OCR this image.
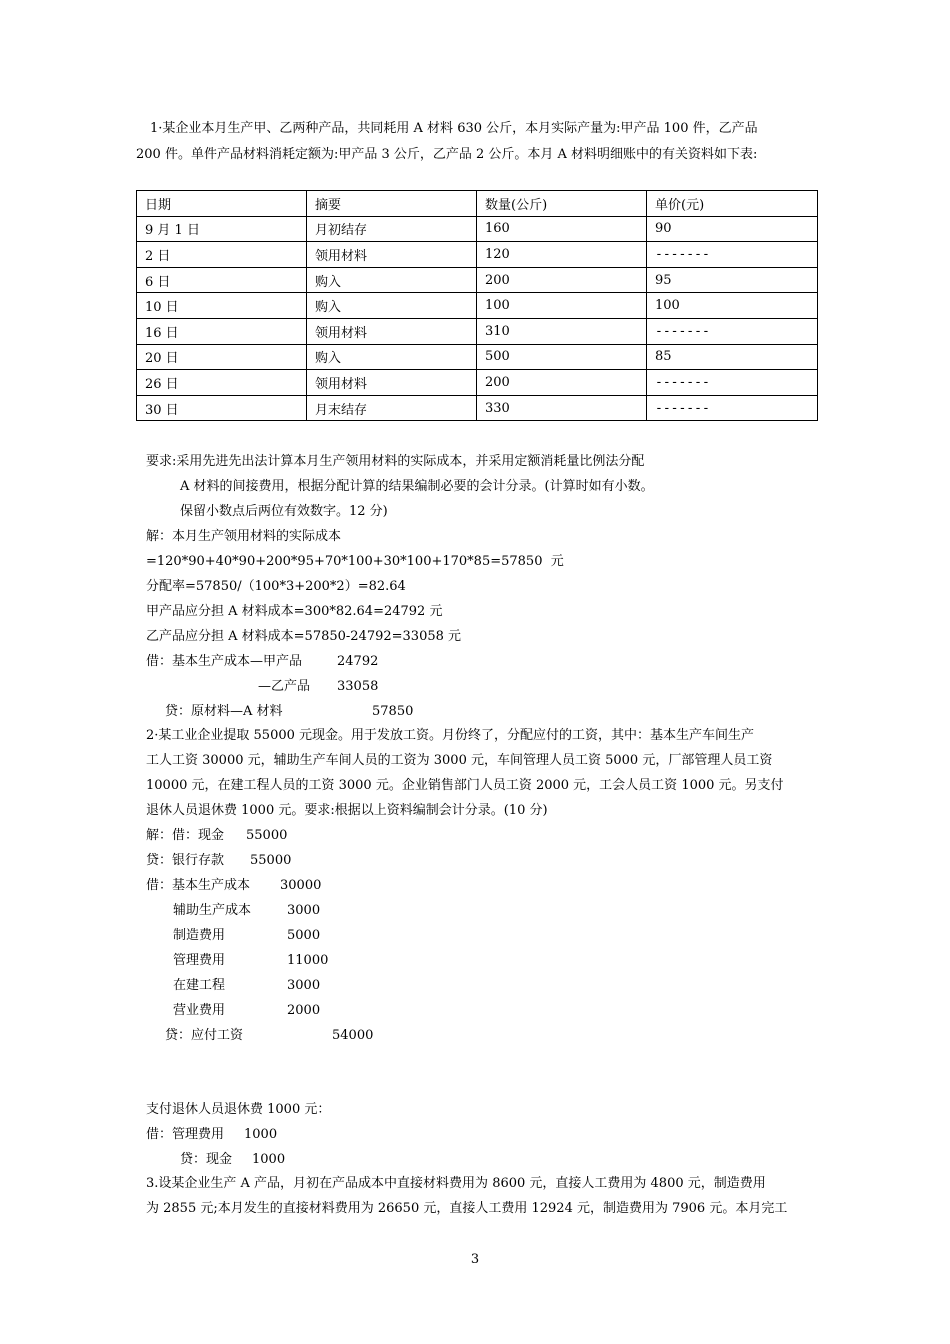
1·某企业本月生产甲、乙两种产品，共同耗用 A 材料 630 公斤，本月实际产量为:甲产品 100 件，乙产品
200 件。单件产品材料消耗定额为:甲产品 3 公斤，乙产品 2 公斤。本月 A 材料明细账中的有关资料如下表:
日期	摘要	数量(公斤)	单价(元)
9 月 1 日	月初结存	160	90
2 日	领用材料	120	-------
6 日	购入	200	95
10 日	购入	100	100
16 日	领用材料	310	-------
20 日	购入	500	85
26 日	领用材料	200	-------
30 日	月末结存	330	-------
要求:采用先进先出法计算本月生产领用材料的实际成本，并采用定额消耗量比例法分配
A 材料的间接费用，根据分配计算的结果编制必要的会计分录。(计算时如有小数。
保留小数点后两位有效数字。12 分)
解：本月生产领用材料的实际成本
=120*90+40*90+200*95+70*100+30*100+170*85=57850  元
分配率=57850/（100*3+200*2）=82.64
甲产品应分担 A 材料成本=300*82.64=24792 元
乙产品应分担 A 材料成本=57850-24792=33058 元
借：基本生产成本—甲产品	24792
—乙产品 33058
贷：原材料—A 材料	57850
2·某工业企业提取 55000 元现金。用于发放工资。月份终了，分配应付的工资，其中：基本生产车间生产
工人工资 30000 元，辅助生产车间人员的工资为 3000 元，车间管理人员工资 5000 元，厂部管理人员工资
10000 元，在建工程人员的工资 3000 元。企业销售部门人员工资 2000 元，工会人员工资 1000 元。另支付
退休人员退休费 1000 元。要求:根据以上资料编制会计分录。(10 分)
解：借：现金 55000
贷：银行存款 55000
借：基本生产成本 30000
辅助生产成本	3000
制造费用	5000
管理费用	11000
在建工程	3000
营业费用	2000
贷：应付工资	54000
支付退休人员退休费 1000 元：
借：管理费用 1000
贷：现金 1000
3.设某企业生产 A 产品，月初在产品成本中直接材料费用为 8600 元，直接人工费用为 4800 元，制造费用
为 2855 元;本月发生的直接材料费用为 26650 元，直接人工费用 12924 元，制造费用为 7906 元。本月完工
3
